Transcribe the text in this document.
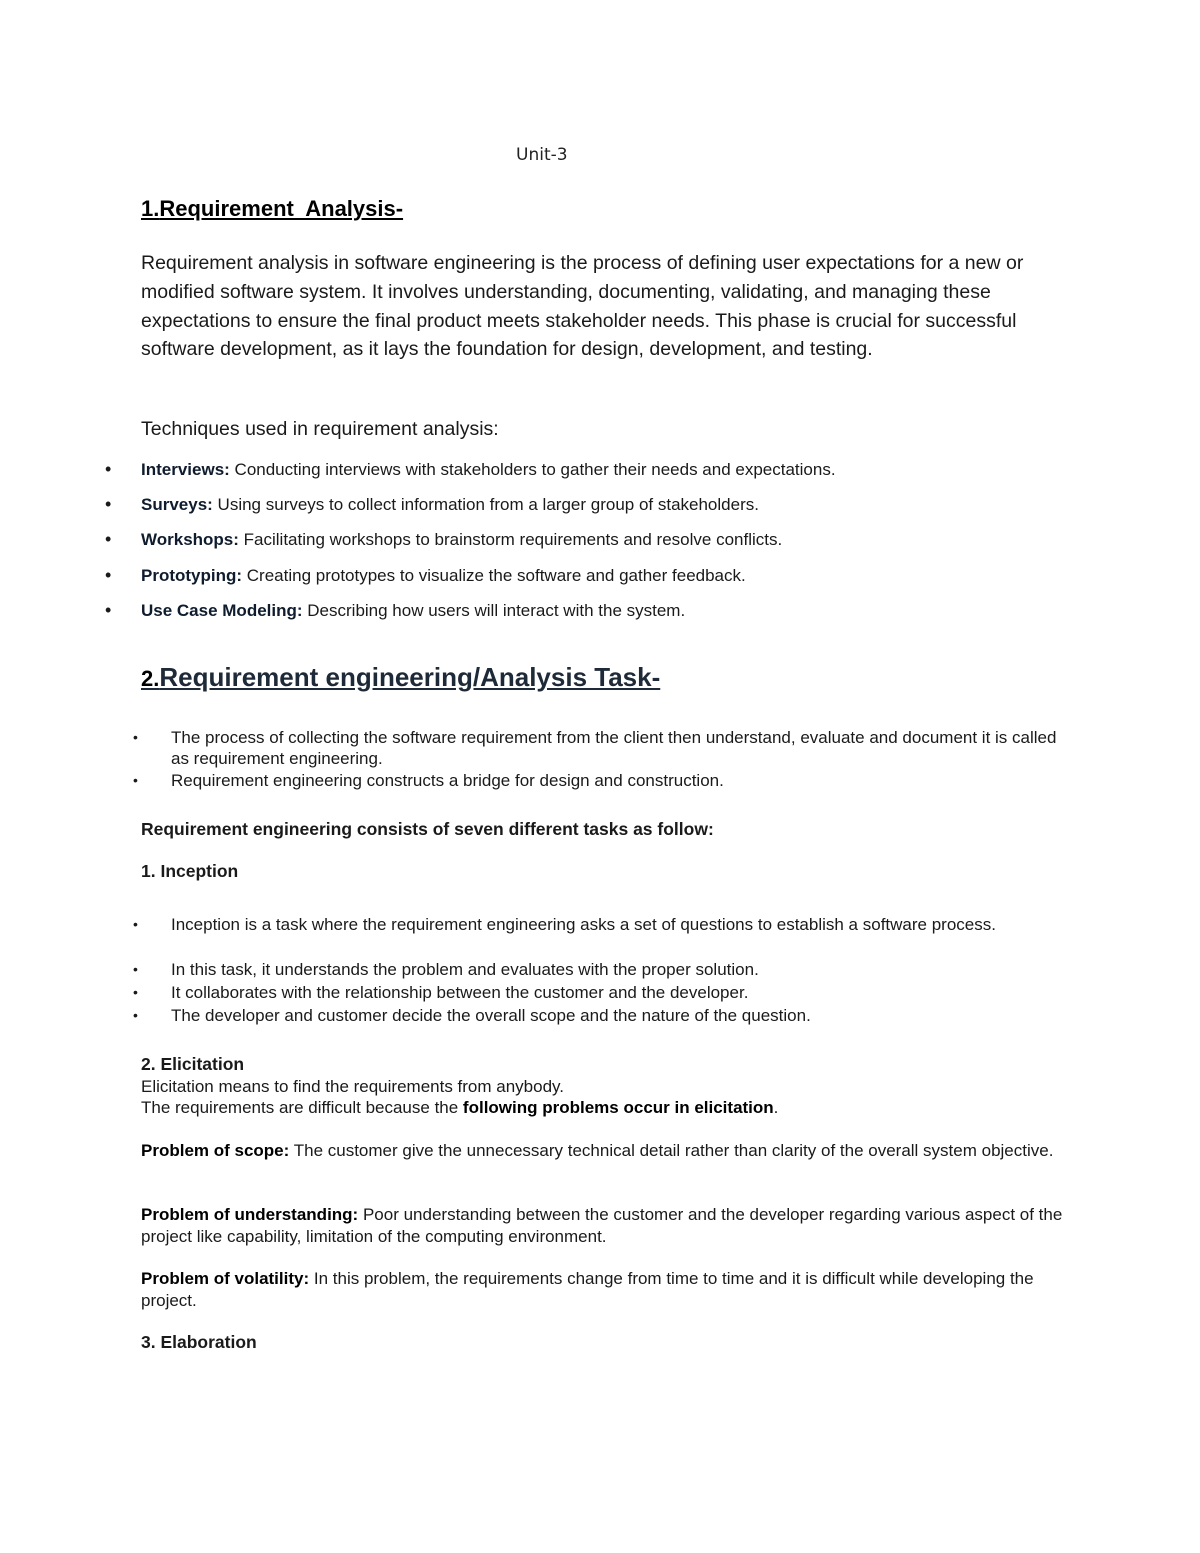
Unit-3

1.Requirement  Analysis-

Requirement analysis in software engineering is the process of defining user expectations for a new or modified software system. It involves understanding, documenting, validating, and managing these expectations to ensure the final product meets stakeholder needs. This phase is crucial for successful software development, as it lays the foundation for design, development, and testing.

Techniques used in requirement analysis:

• Interviews: Conducting interviews with stakeholders to gather their needs and expectations.

• Surveys: Using surveys to collect information from a larger group of stakeholders.

• Workshops: Facilitating workshops to brainstorm requirements and resolve conflicts.

• Prototyping: Creating prototypes to visualize the software and gather feedback.

• Use Case Modeling: Describing how users will interact with the system.

2.Requirement engineering/Analysis Task-
• The process of collecting the software requirement from the client then understand, evaluate and document it is called as requirement engineering.
• Requirement engineering constructs a bridge for design and construction.

Requirement engineering consists of seven different tasks as follow:

1. Inception

• Inception is a task where the requirement engineering asks a set of questions to establish a software process.
• In this task, it understands the problem and evaluates with the proper solution.
• It collaborates with the relationship between the customer and the developer.
• The developer and customer decide the overall scope and the nature of the question.

2. Elicitation

Elicitation means to find the requirements from anybody.

The requirements are difficult because the following problems occur in elicitation.

Problem of scope: The customer give the unnecessary technical detail rather than clarity of the overall system objective.

Problem of understanding: Poor understanding between the customer and the developer regarding various aspect of the project like capability, limitation of the computing environment.

Problem of volatility: In this problem, the requirements change from time to time and it is difficult while developing the project.

3. Elaboration
